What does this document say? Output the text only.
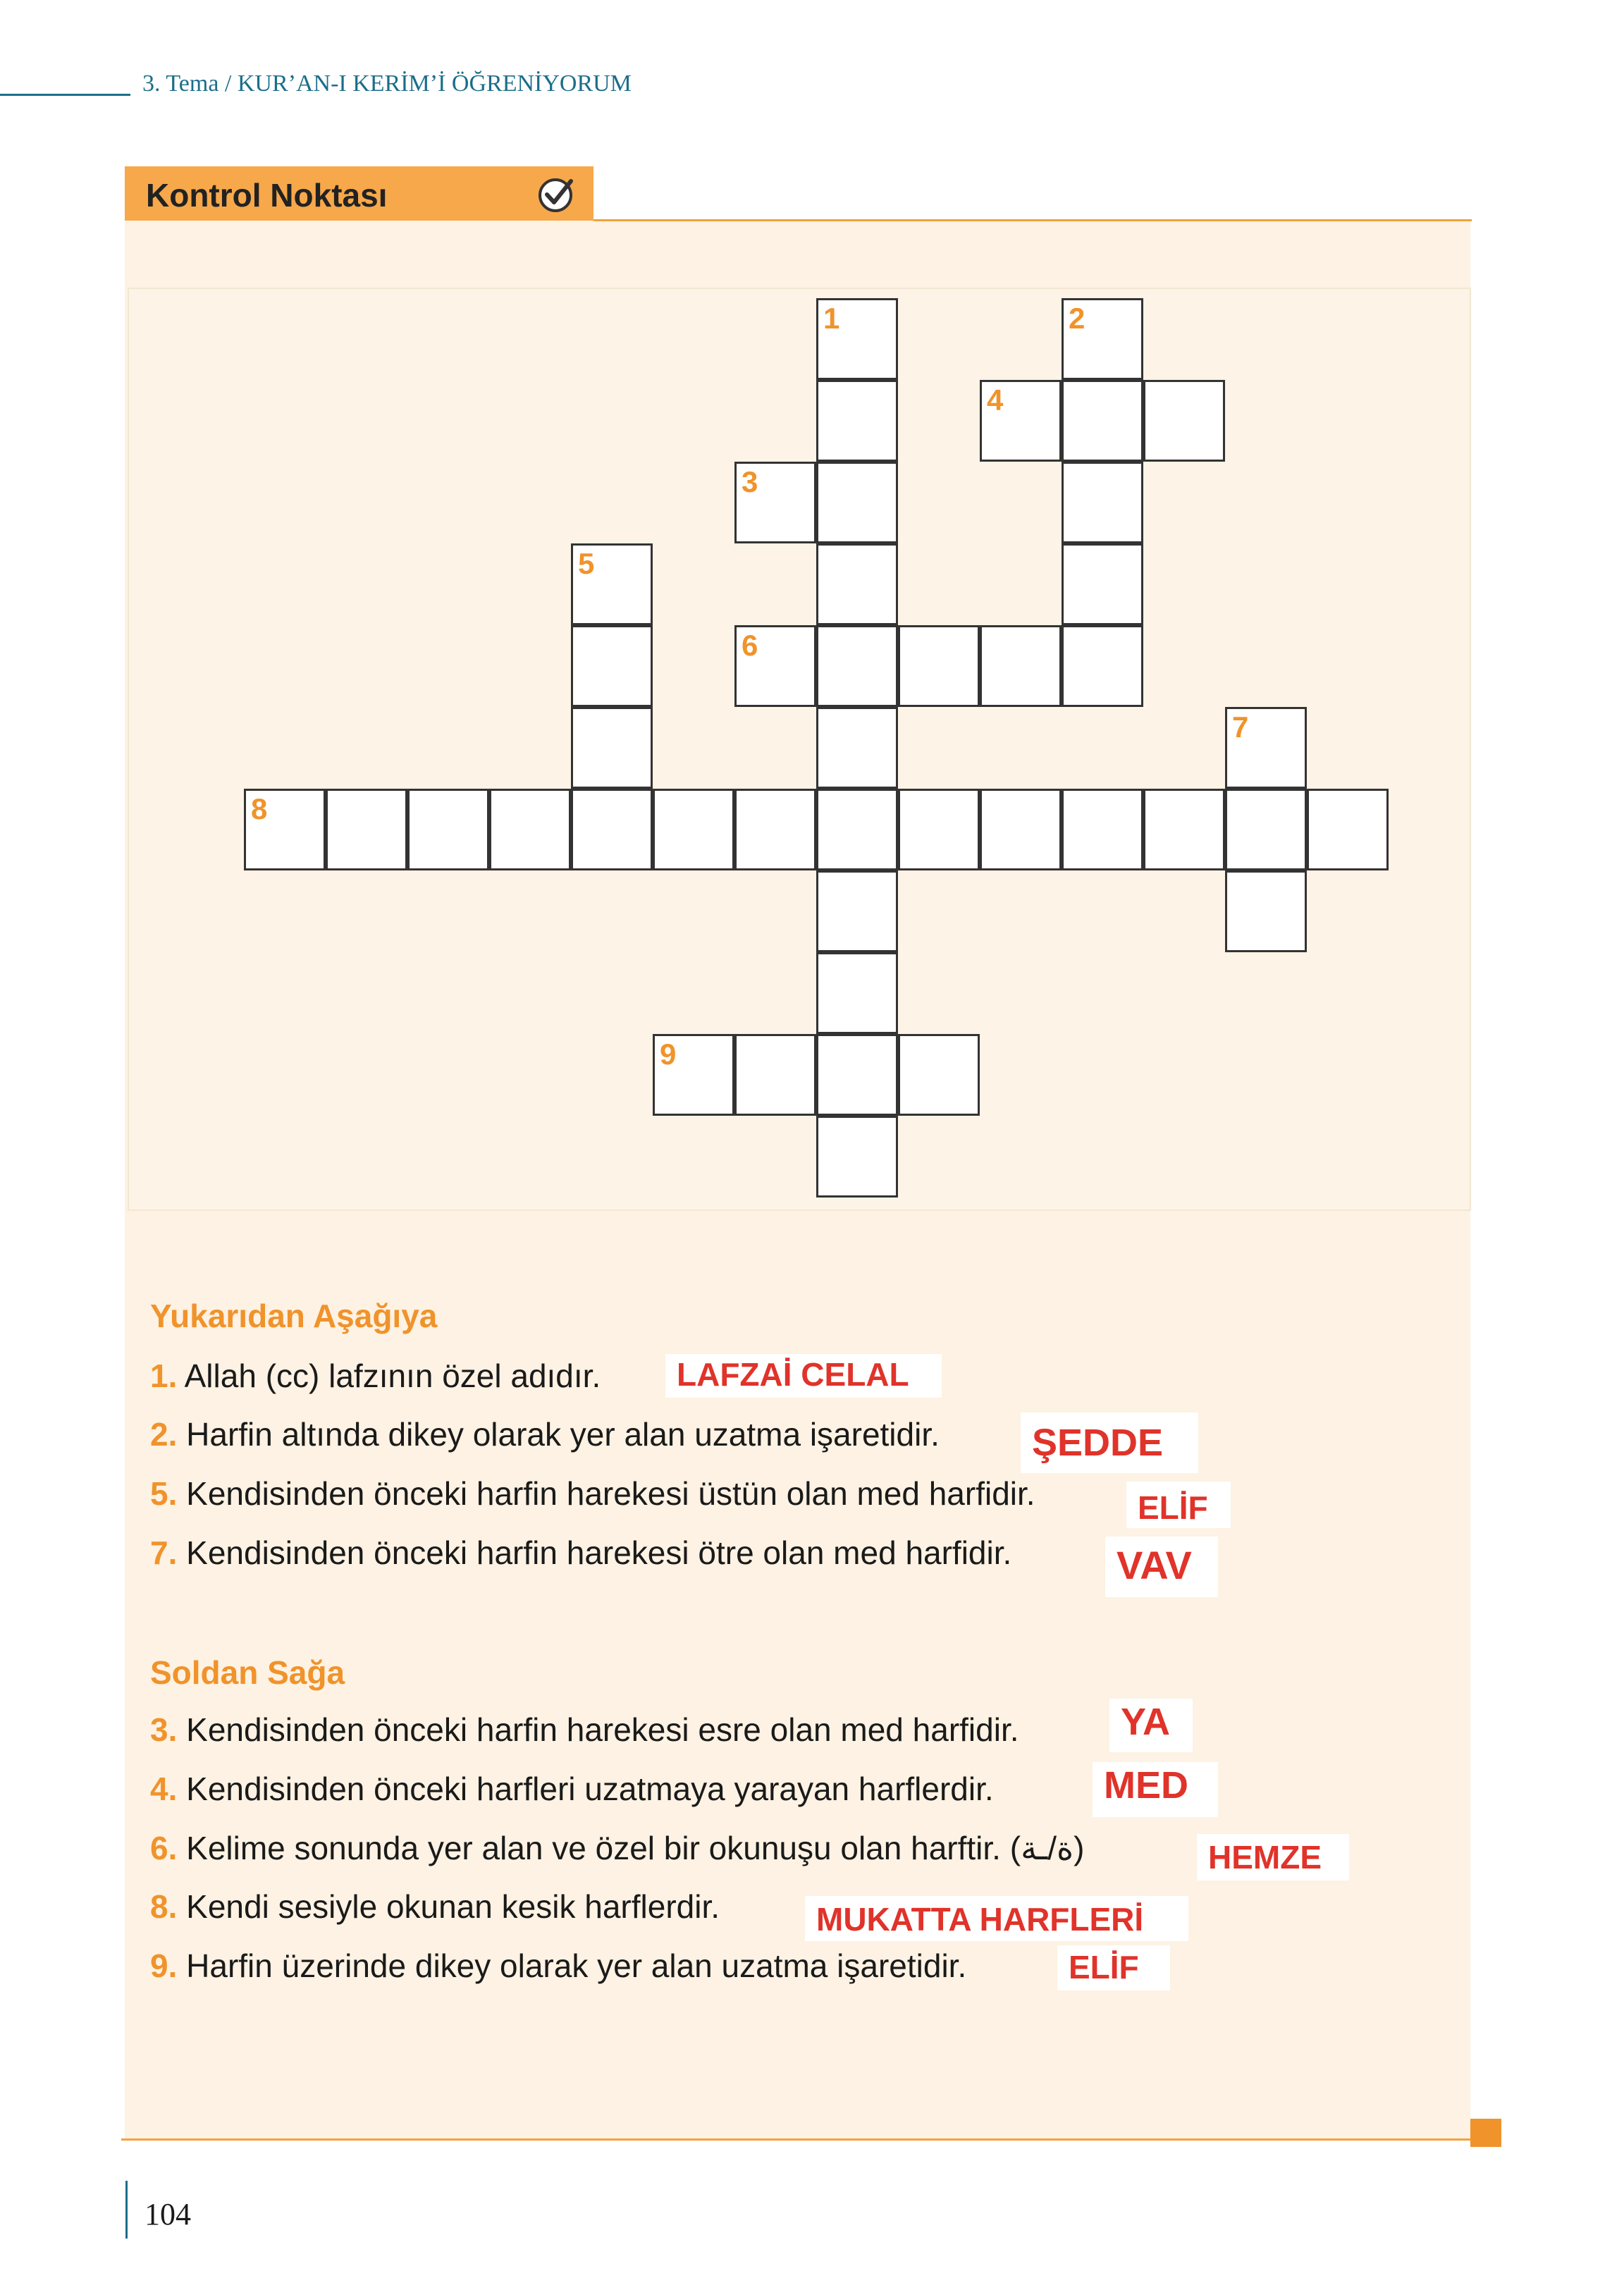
3. Tema / KUR’AN-I KERİM’İ ÖĞRENİYORUM
Kontrol Noktası
1	2
4
3
5
6
7
8
9
Yukarıdan Aşağıya
1. Allah (cc) lafzının özel adıdır.	LAFZAİ CELAL
2. Harfin altında dikey olarak yer alan uzatma işaretidir. ŞEDDE
5. Kendisinden önceki harfin harekesi üstün olan med harfidir.	ELİF
7. Kendisinden önceki harfin harekesi ötre olan med harfidir.	VAV
Soldan Sağa
3. Kendisinden önceki harfin harekesi esre olan med harfidir.	YA
4. Kendisinden önceki harfleri uzatmaya yarayan harflerdir.	MED
6. Kelime sonunda yer alan ve özel bir okunuşu olan harftir. (ة/ـة)	HEMZE
8. Kendi sesiyle okunan kesik harflerdir.	MUKATTA HARFLERİ
9. Harfin üzerinde dikey olarak yer alan uzatma işaretidir.	ELİF
104
